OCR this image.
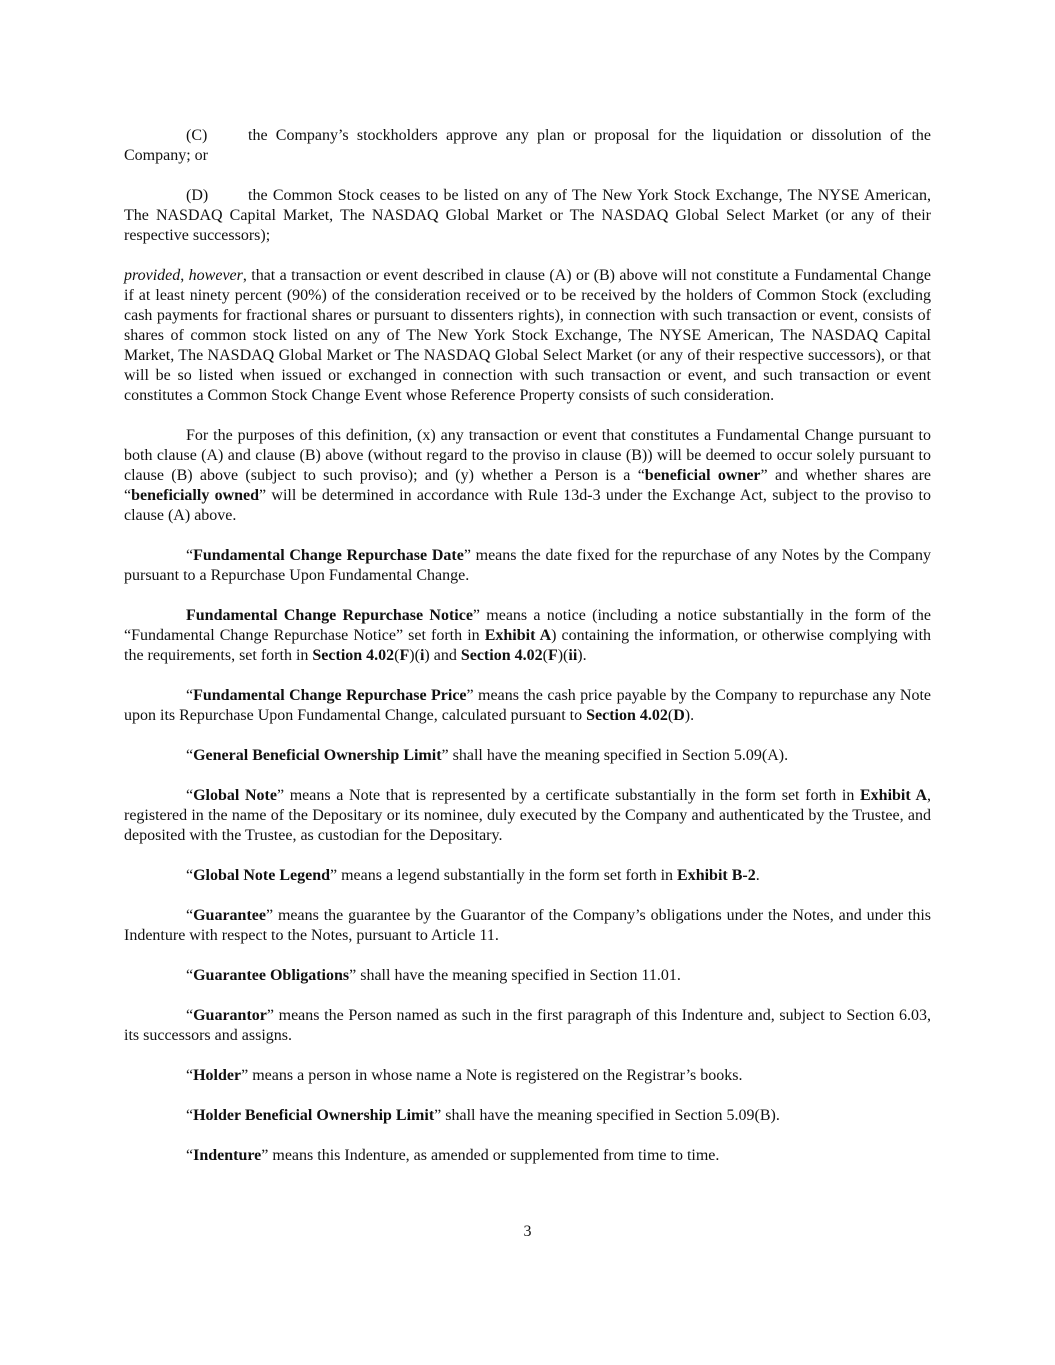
(C)	the Company’s stockholders approve any plan or proposal for the liquidation or dissolution of the Company; or

(D) the Common Stock ceases to be listed on any of The New York Stock Exchange, The NYSE American, The NASDAQ Capital Market, The NASDAQ Global Market or The NASDAQ Global Select Market (or any of their respective successors);

provided, however, that a transaction or event described in clause (A) or (B) above will not constitute a Fundamental Change if at least ninety percent (90%) of the consideration received or to be received by the holders of Common Stock (excluding cash payments for fractional shares or pursuant to dissenters rights), in connection with such transaction or event, consists of shares of common stock listed on any of The New York Stock Exchange, The NYSE American, The NASDAQ Capital Market, The NASDAQ Global Market or The NASDAQ Global Select Market (or any of their respective successors), or that will be so listed when issued or exchanged in connection with such transaction or event, and such transaction or event constitutes a Common Stock Change Event whose Reference Property consists of such consideration.

For the purposes of this definition, (x) any transaction or event that constitutes a Fundamental Change pursuant to both clause (A) and clause (B) above (without regard to the proviso in clause (B)) will be deemed to occur solely pursuant to clause (B) above (subject to such proviso); and (y) whether a Person is a “beneficial owner” and whether shares are “beneficially owned” will be determined in accordance with Rule 13d-3 under the Exchange Act, subject to the proviso to clause (A) above.

“Fundamental Change Repurchase Date” means the date fixed for the repurchase of any Notes by the Company pursuant to a Repurchase Upon Fundamental Change.

Fundamental Change Repurchase Notice” means a notice (including a notice substantially in the form of the “Fundamental Change Repurchase Notice” set forth in Exhibit A) containing the information, or otherwise complying with the requirements, set forth in Section 4.02(F)(i) and Section 4.02(F)(ii).

“Fundamental Change Repurchase Price” means the cash price payable by the Company to repurchase any Note upon its Repurchase Upon Fundamental Change, calculated pursuant to Section 4.02(D).

“General Beneficial Ownership Limit” shall have the meaning specified in Section 5.09(A).

“Global Note” means a Note that is represented by a certificate substantially in the form set forth in Exhibit A, registered in the name of the Depositary or its nominee, duly executed by the Company and authenticated by the Trustee, and deposited with the Trustee, as custodian for the Depositary.

“Global Note Legend” means a legend substantially in the form set forth in Exhibit B-2.

“Guarantee” means the guarantee by the Guarantor of the Company’s obligations under the Notes, and under this Indenture with respect to the Notes, pursuant to Article 11.

“Guarantee Obligations” shall have the meaning specified in Section 11.01.

“Guarantor” means the Person named as such in the first paragraph of this Indenture and, subject to Section 6.03, its successors and assigns.

“Holder” means a person in whose name a Note is registered on the Registrar’s books.

“Holder Beneficial Ownership Limit” shall have the meaning specified in Section 5.09(B).

“Indenture” means this Indenture, as amended or supplemented from time to time.

3
